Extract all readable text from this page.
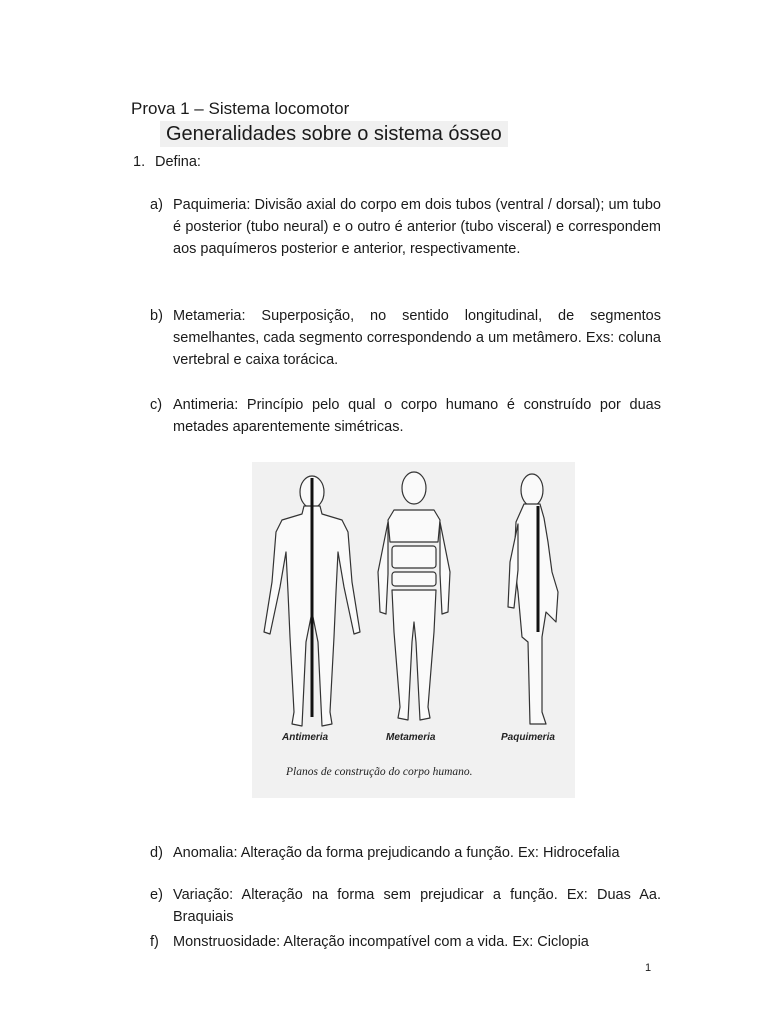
Prova 1 – Sistema locomotor
Generalidades sobre o sistema ósseo
1. Defina:
a) Paquimeria: Divisão axial do corpo em dois tubos (ventral / dorsal); um tubo é posterior (tubo neural) e o outro é anterior (tubo visceral) e correspondem aos paquímeros posterior e anterior, respectivamente.
b) Metameria: Superposição, no sentido longitudinal, de segmentos semelhantes, cada segmento correspondendo a um metâmero. Exs: coluna vertebral e caixa torácica.
c) Antimeria: Princípio pelo qual o corpo humano é construído por duas metades aparentemente simétricas.
Antimeria	Metameria	Paquimeria
Planos de construção do corpo humano.
d) Anomalia: Alteração da forma prejudicando a função. Ex: Hidrocefalia
e) Variação: Alteração na forma sem prejudicar a função. Ex: Duas Aa. Braquiais
f) Monstruosidade: Alteração incompatível com a vida. Ex: Ciclopia
1
